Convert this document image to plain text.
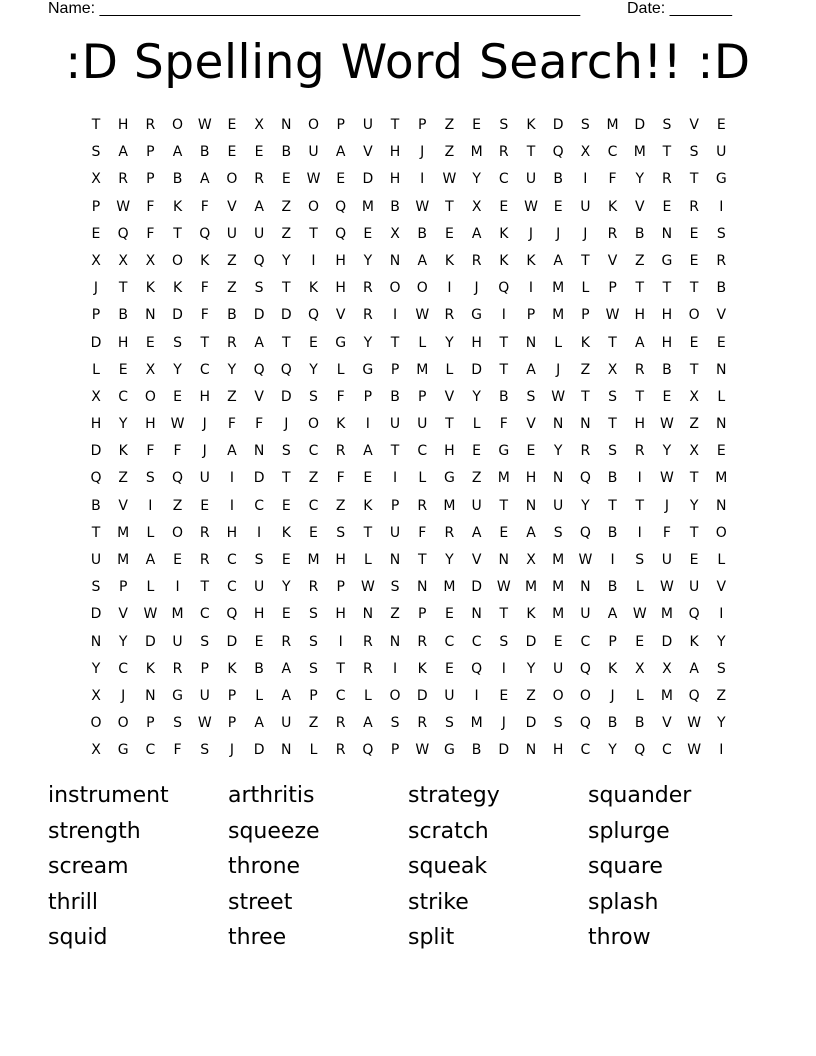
Name: ______________________________________________________	Date: _______
:D Spelling Word Search!! :D
T	H	R	O	W	E	X	N	O	P	U	T	P	Z	E	S	K	D	S	M	D	S	V	E
S	A	P	A	B	E	E	B	U	A	V	H	J	Z	M	R	T	Q	X	C	M	T	S	U
X	R	P	B	A	O	R	E	W	E	D	H	I	W	Y	C	U	B	I	F	Y	R	T	G
P	W	F	K	F	V	A	Z	O	Q	M	B	W	T	X	E	W	E	U	K	V	E	R	I
E	Q	F	T	Q	U	U	Z	T	Q	E	X	B	E	A	K	J	J	J	R	B	N	E	S
X	X	X	O	K	Z	Q	Y	I	H	Y	N	A	K	R	K	K	A	T	V	Z	G	E	R
J	T	K	K	F	Z	S	T	K	H	R	O	O	I	J	Q	I	M	L	P	T	T	T	B
P	B	N	D	F	B	D	D	Q	V	R	I	W	R	G	I	P	M	P	W	H	H	O	V
D	H	E	S	T	R	A	T	E	G	Y	T	L	Y	H	T	N	L	K	T	A	H	E	E
L	E	X	Y	C	Y	Q	Q	Y	L	G	P	M	L	D	T	A	J	Z	X	R	B	T	N
X	C	O	E	H	Z	V	D	S	F	P	B	P	V	Y	B	S	W	T	S	T	E	X	L
H	Y	H	W	J	F	F	J	O	K	I	U	U	T	L	F	V	N	N	T	H	W	Z	N
D	K	F	F	J	A	N	S	C	R	A	T	C	H	E	G	E	Y	R	S	R	Y	X	E
Q	Z	S	Q	U	I	D	T	Z	F	E	I	L	G	Z	M	H	N	Q	B	I	W	T	M
B	V	I	Z	E	I	C	E	C	Z	K	P	R	M	U	T	N	U	Y	T	T	J	Y	N
T	M	L	O	R	H	I	K	E	S	T	U	F	R	A	E	A	S	Q	B	I	F	T	O
U	M	A	E	R	C	S	E	M	H	L	N	T	Y	V	N	X	M	W	I	S	U	E	L
S	P	L	I	T	C	U	Y	R	P	W	S	N	M	D	W	M	M	N	B	L	W	U	V
D	V	W	M	C	Q	H	E	S	H	N	Z	P	E	N	T	K	M	U	A	W	M	Q	I
N	Y	D	U	S	D	E	R	S	I	R	N	R	C	C	S	D	E	C	P	E	D	K	Y
Y	C	K	R	P	K	B	A	S	T	R	I	K	E	Q	I	Y	U	Q	K	X	X	A	S
X	J	N	G	U	P	L	A	P	C	L	O	D	U	I	E	Z	O	O	J	L	M	Q	Z
O	O	P	S	W	P	A	U	Z	R	A	S	R	S	M	J	D	S	Q	B	B	V	W	Y
X	G	C	F	S	J	D	N	L	R	Q	P	W	G	B	D	N	H	C	Y	Q	C	W	I
instrument	arthritis	strategy	squander
strength	squeeze	scratch	splurge
scream	throne	squeak	square
thrill	street	strike	splash
squid	three	split	throw
